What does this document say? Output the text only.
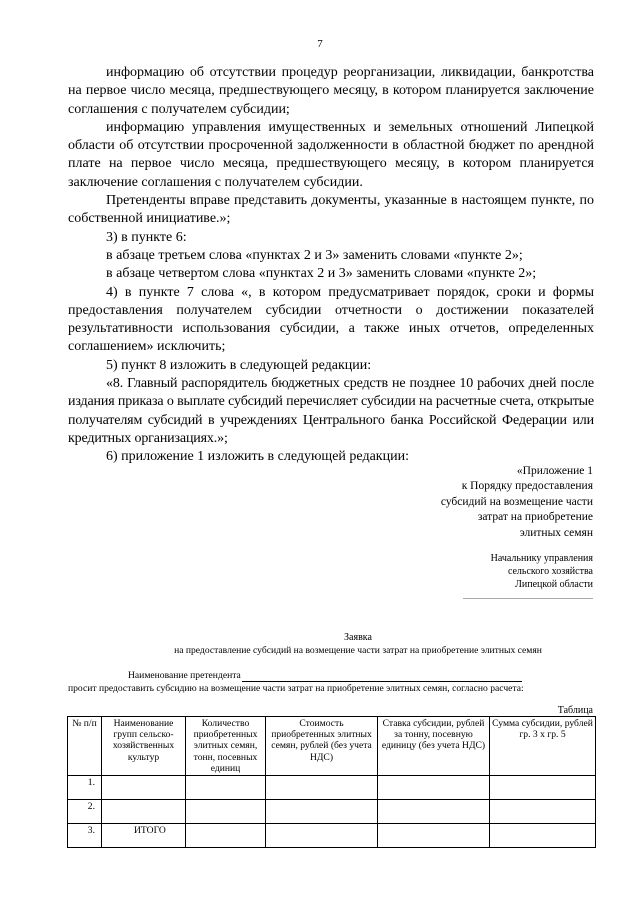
7

информацию об отсутствии процедур реорганизации, ликвидации, банкротства на первое число месяца, предшествующего месяцу, в котором планируется заключение соглашения с получателем субсидии;

информацию управления имущественных и земельных отношений Липецкой области об отсутствии просроченной задолженности в областной бюджет по арендной плате на первое число месяца, предшествующего месяцу, в котором планируется заключение соглашения с получателем субсидии.

Претенденты вправе представить документы, указанные в настоящем пункте, по собственной инициативе.»;

3) в пункте 6:

в абзаце третьем слова «пунктах 2 и 3» заменить словами «пункте 2»;

в абзаце четвертом слова «пунктах 2 и 3» заменить словами «пункте 2»;

4) в пункте 7 слова «, в котором предусматривает порядок, сроки и формы предоставления получателем субсидии отчетности о достижении показателей результативности использования субсидии, а также иных отчетов, определенных соглашением» исключить;

5) пункт 8 изложить в следующей редакции:

«8. Главный распорядитель бюджетных средств не позднее 10 рабочих дней после издания приказа о выплате субсидий перечисляет субсидии на расчетные счета, открытые получателям субсидий в учреждениях Центрального банка Российской Федерации или кредитных организациях.»;

6) приложение 1 изложить в следующей редакции:

«Приложение 1
к Порядку предоставления
субсидий на возмещение части
затрат на приобретение
элитных семян
Начальнику управления
сельского хозяйства
Липецкой области
Заявка
на предоставление субсидий на возмещение части затрат на приобретение элитных семян
Наименование претендента
просит предоставить субсидию на возмещение части затрат на приобретение элитных семян, согласно расчета:
Таблица
№ п/п	Наименование групп сельско-хозяйственных культур	Количество приобретенных элитных семян, тонн, посевных единиц	Стоимость приобретенных элитных семян, рублей (без учета НДС)	Ставка субсидии, рублей за тонну, посевную единицу (без учета НДС)	Сумма субсидии, рублей гр. 3 х гр. 5
1.					
2.					
3.	ИТОГО				
